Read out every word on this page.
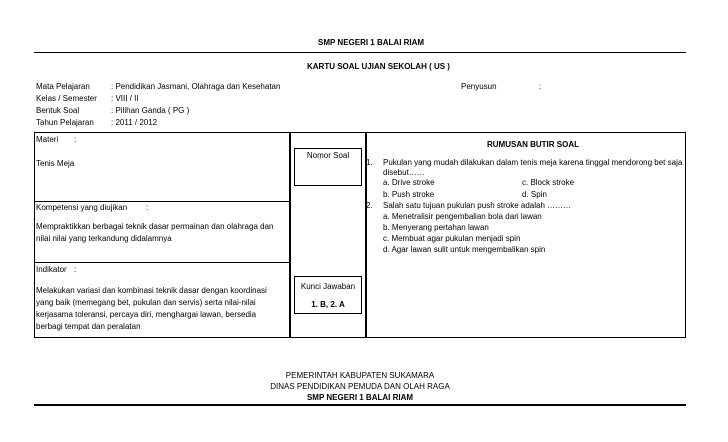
SMP NEGERI 1 BALAI RIAM
KARTU SOAL UJIAN SEKOLAH ( US )
Mata Pelajaran	: Pendidikan Jasmani, Olahraga dan Kesehatan	Penyusun	:
Kelas / Semester : VIII / II
Bentuk Soal	: Pilihan Ganda ( PG )
Tahun Pelajaran : 2011 / 2012
Materi :
Tenis Meja
Kompetensi yang diujikan :
Mempraktikkan berbagai teknik dasar permainan dan olahraga dan nilai nilai yang terkandung didalamnya
Indikator :
Melakukan variasi dan kombinasi teknik dasar dengan koordinasi yang baik (memegang bet, pukulan dan servis) serta nilai-nilai kerjasama toleransi, percaya diri, menghargai lawan, bersedia berbagi tempat dan peralatan
Nomor Soal
Kunci Jawaban
1. B, 2. A
RUMUSAN BUTIR SOAL
1. Pukulan yang mudah dilakukan dalam tenis meja karena tinggal mendorong bet saja
disebut……
a. Drive stroke	c. Block stroke
b. Push stroke	d. Spin
2. Salah satu tujuan pukulan push stroke adalah ………
a. Menetralisir pengembalian bola dari lawan
b. Menyerang pertahan lawan
c. Membuat agar pukulan menjadi spin
d. Agar lawan sulit untuk mengembalikan spin
PEMERINTAH KABUPATEN SUKAMARA
DINAS PENDIDIKAN PEMUDA DAN OLAH RAGA
SMP NEGERI 1 BALAI RIAM
